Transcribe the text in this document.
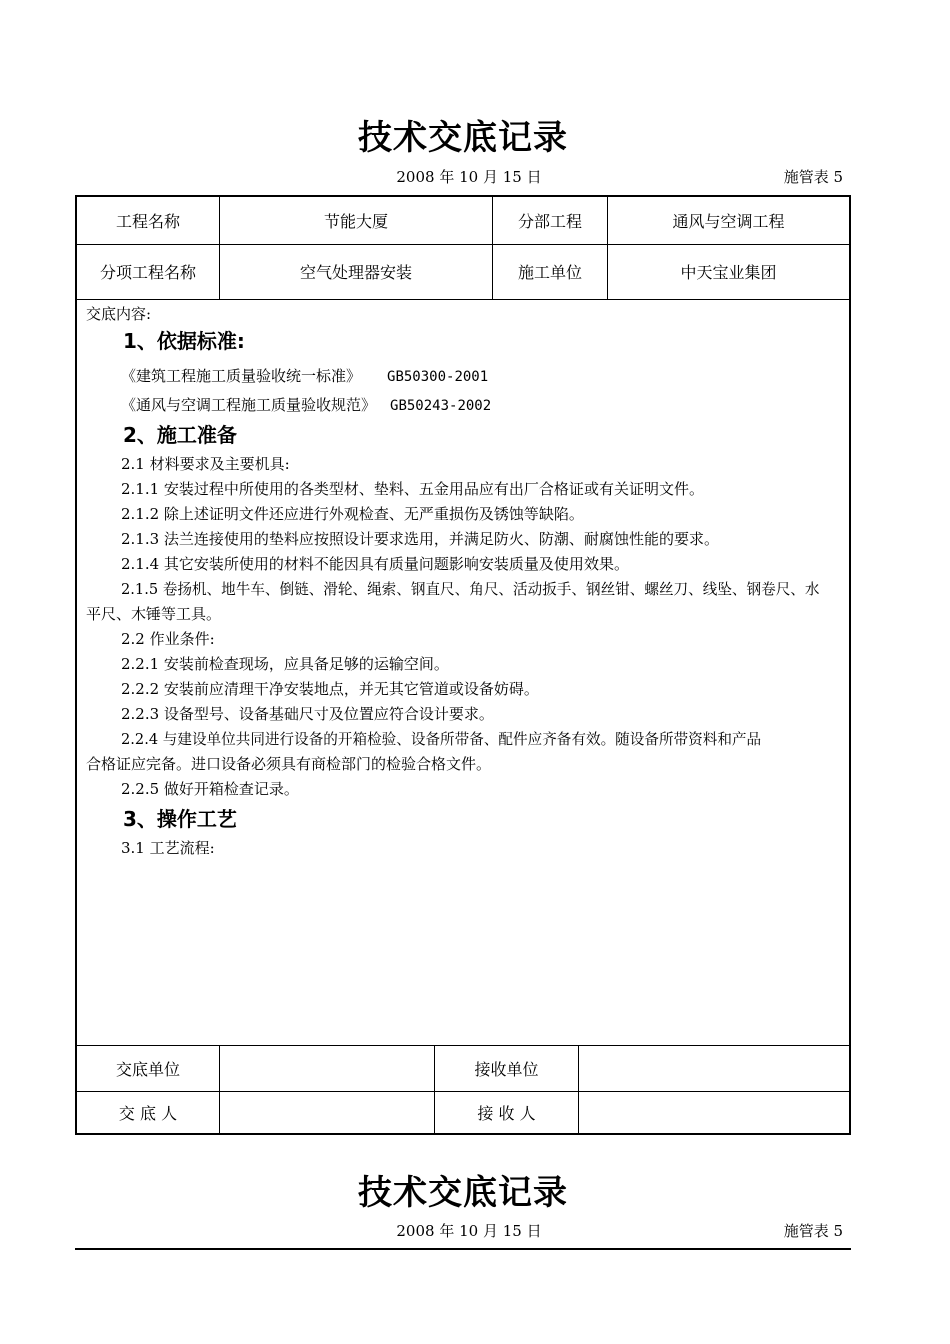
技术交底记录
2008 年 10 月 15 日	施管表 5
工程名称	节能大厦	分部工程	通风与空调工程
分项工程名称	空气处理器安装	施工单位	中天宝业集团
交底内容:
1、依据标准:
《建筑工程施工质量验收统一标准》 GB50300-2001
《通风与空调工程施工质量验收规范》 GB50243-2002
2、施工准备
2.1 材料要求及主要机具:
2.1.1 安装过程中所使用的各类型材、垫料、五金用品应有出厂合格证或有关证明文件。
2.1.2 除上述证明文件还应进行外观检查、无严重损伤及锈蚀等缺陷。
2.1.3 法兰连接使用的垫料应按照设计要求选用，并满足防火、防潮、耐腐蚀性能的要求。
2.1.4 其它安装所使用的材料不能因具有质量问题影响安装质量及使用效果。
2.1.5 卷扬机、地牛车、倒链、滑轮、绳索、钢直尺、角尺、活动扳手、钢丝钳、螺丝刀、线坠、钢卷尺、水
平尺、木锤等工具。
2.2 作业条件:
2.2.1 安装前检查现场，应具备足够的运输空间。
2.2.2 安装前应清理干净安装地点，并无其它管道或设备妨碍。
2.2.3 设备型号、设备基础尺寸及位置应符合设计要求。
2.2.4 与建设单位共同进行设备的开箱检验、设备所带备、配件应齐备有效。随设备所带资料和产品
合格证应完备。进口设备必须具有商检部门的检验合格文件。
2.2.5 做好开箱检查记录。
3、操作工艺
3.1 工艺流程:
交底单位		接收单位	
交 底 人		接 收 人	
技术交底记录
2008 年 10 月 15 日	施管表 5
